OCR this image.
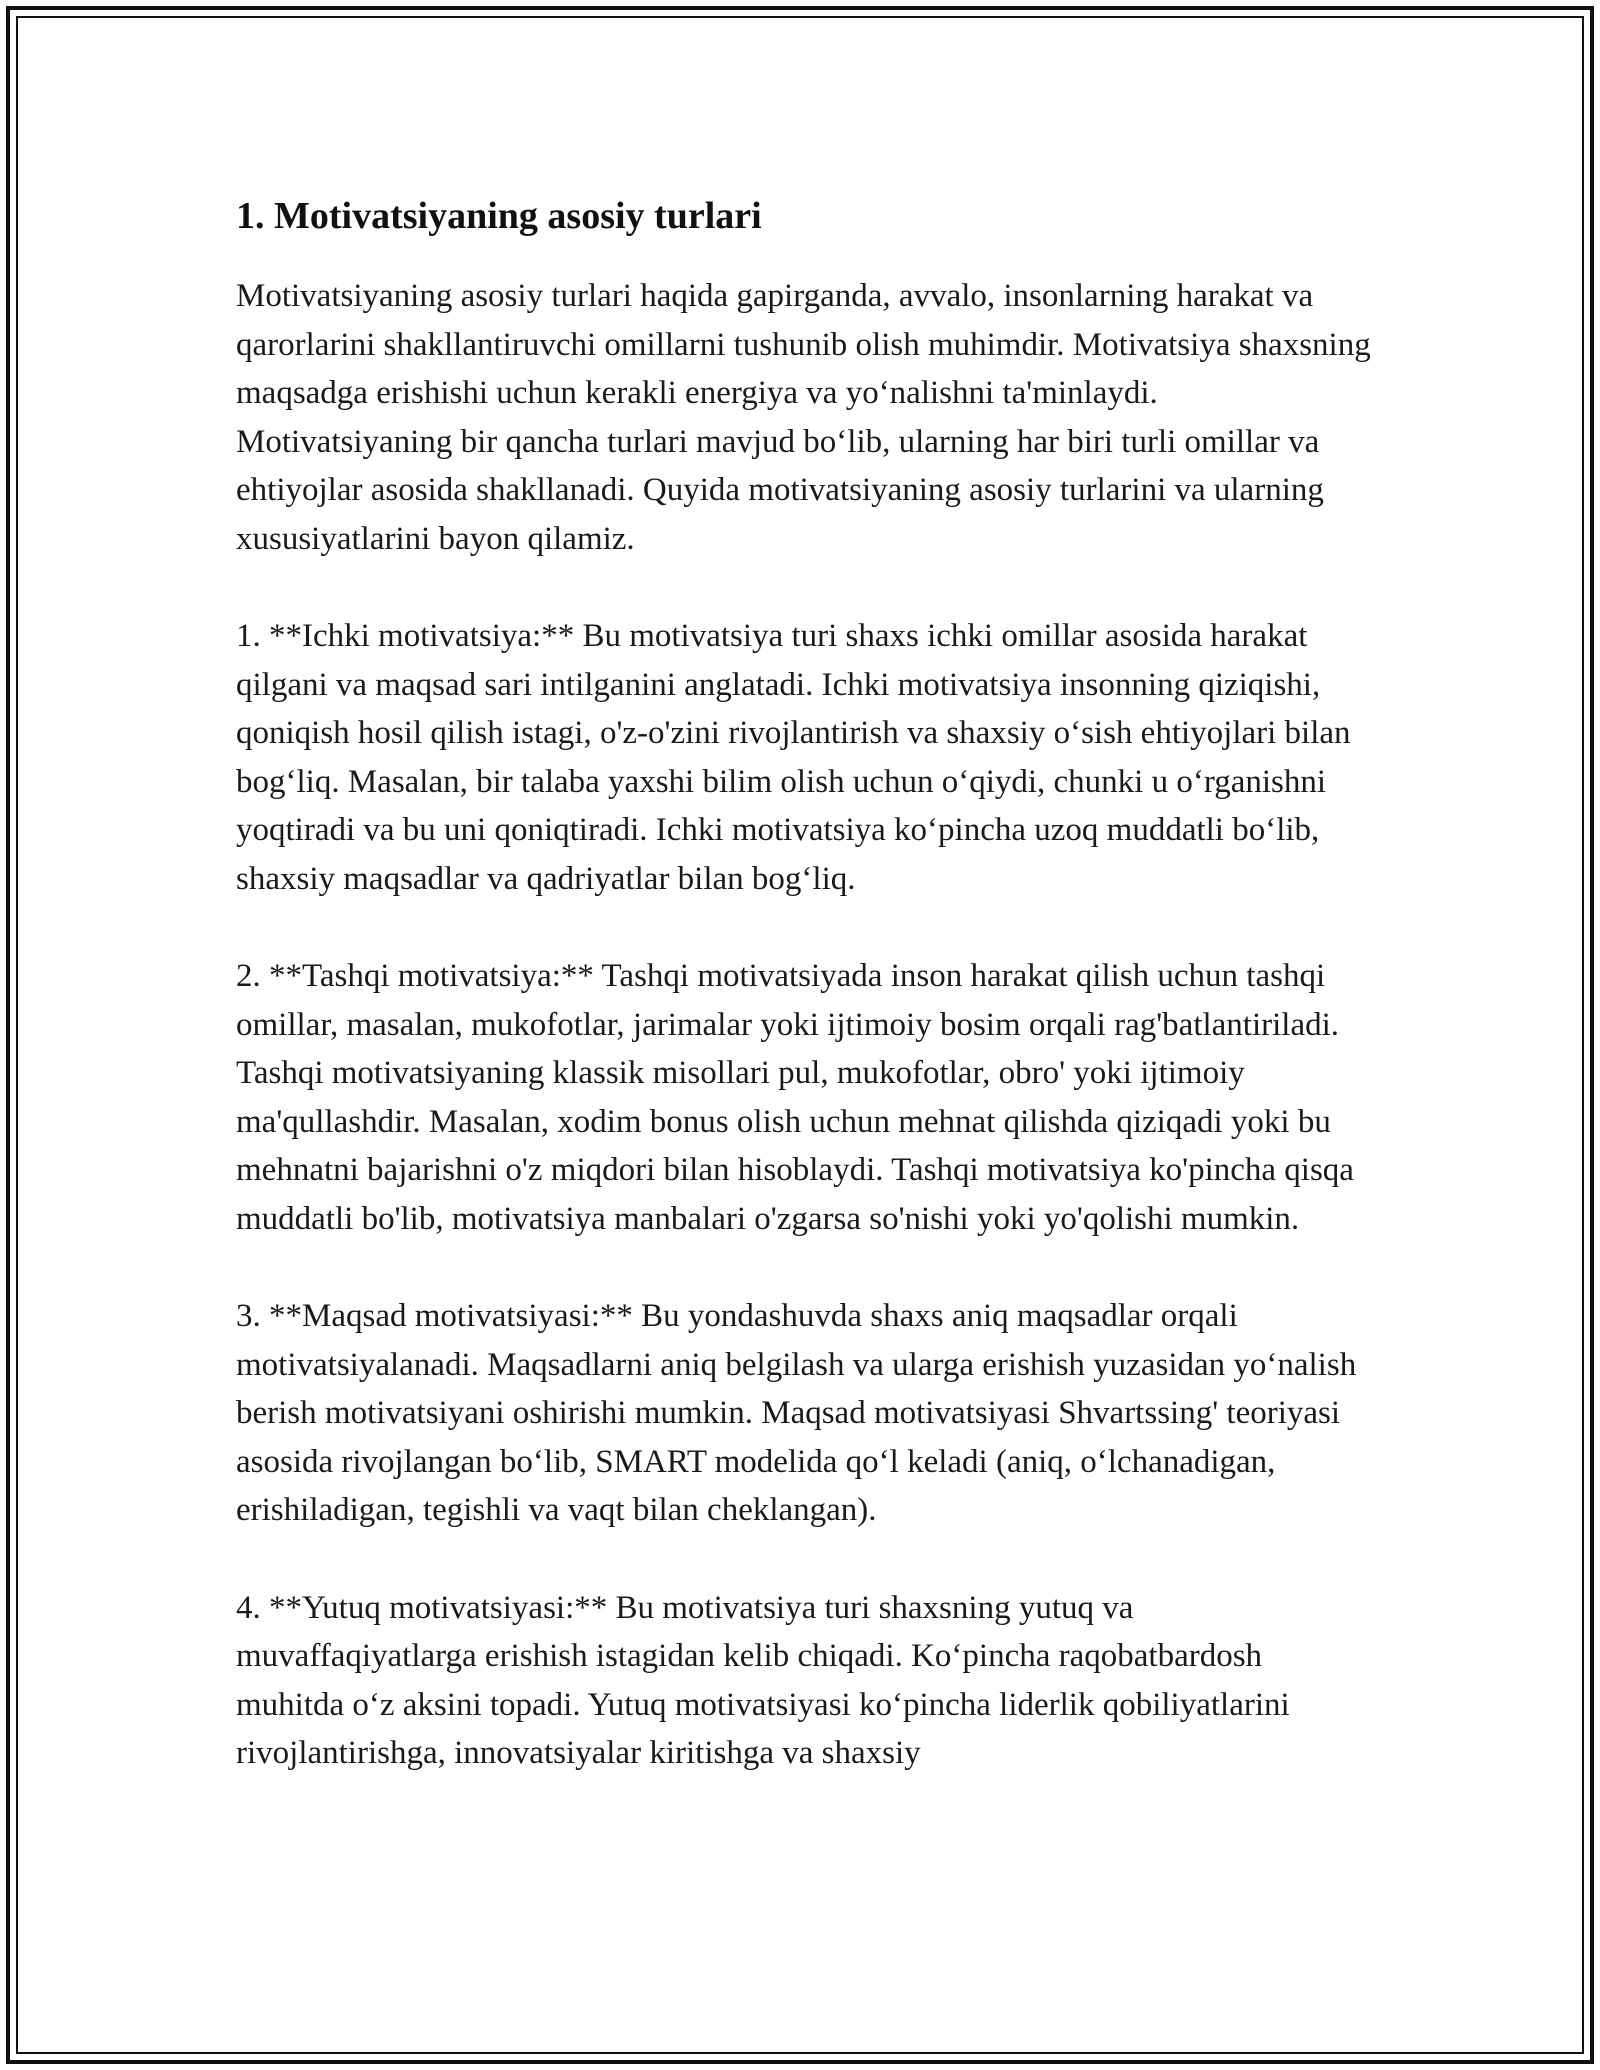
1. Motivatsiyaning asosiy turlari

Motivatsiyaning asosiy turlari haqida gapirganda, avvalo, insonlarning harakat va qarorlarini shakllantiruvchi omillarni tushunib olish muhimdir. Motivatsiya shaxsning maqsadga erishishi uchun kerakli energiya va yo‘nalishni ta'minlaydi. Motivatsiyaning bir qancha turlari mavjud bo‘lib, ularning har biri turli omillar va ehtiyojlar asosida shakllanadi. Quyida motivatsiyaning asosiy turlarini va ularning xususiyatlarini bayon qilamiz.

1. **Ichki motivatsiya:** Bu motivatsiya turi shaxs ichki omillar asosida harakat qilgani va maqsad sari intilganini anglatadi. Ichki motivatsiya insonning qiziqishi, qoniqish hosil qilish istagi, o'z-o'zini rivojlantirish va shaxsiy o‘sish ehtiyojlari bilan bog‘liq. Masalan, bir talaba yaxshi bilim olish uchun o‘qiydi, chunki u o‘rganishni yoqtiradi va bu uni qoniqtiradi. Ichki motivatsiya ko‘pincha uzoq muddatli bo‘lib, shaxsiy maqsadlar va qadriyatlar bilan bog‘liq.

2. **Tashqi motivatsiya:** Tashqi motivatsiyada inson harakat qilish uchun tashqi omillar, masalan, mukofotlar, jarimalar yoki ijtimoiy bosim orqali rag'batlantiriladi. Tashqi motivatsiyaning klassik misollari pul, mukofotlar, obro' yoki ijtimoiy ma'qullashdir. Masalan, xodim bonus olish uchun mehnat qilishda qiziqadi yoki bu mehnatni bajarishni o'z miqdori bilan hisoblaydi. Tashqi motivatsiya ko'pincha qisqa muddatli bo'lib, motivatsiya manbalari o'zgarsa so'nishi yoki yo'qolishi mumkin.

3. **Maqsad motivatsiyasi:** Bu yondashuvda shaxs aniq maqsadlar orqali motivatsiyalanadi. Maqsadlarni aniq belgilash va ularga erishish yuzasidan yo‘nalish berish motivatsiyani oshirishi mumkin. Maqsad motivatsiyasi Shvartssing' teoriyasi asosida rivojlangan bo‘lib, SMART modelida qo‘l keladi (aniq, o‘lchanadigan, erishiladigan, tegishli va vaqt bilan cheklangan).

4. **Yutuq motivatsiyasi:** Bu motivatsiya turi shaxsning yutuq va muvaffaqiyatlarga erishish istagidan kelib chiqadi. Ko‘pincha raqobatbardosh muhitda o‘z aksini topadi. Yutuq motivatsiyasi ko‘pincha liderlik qobiliyatlarini rivojlantirishga, innovatsiyalar kiritishga va shaxsiy
